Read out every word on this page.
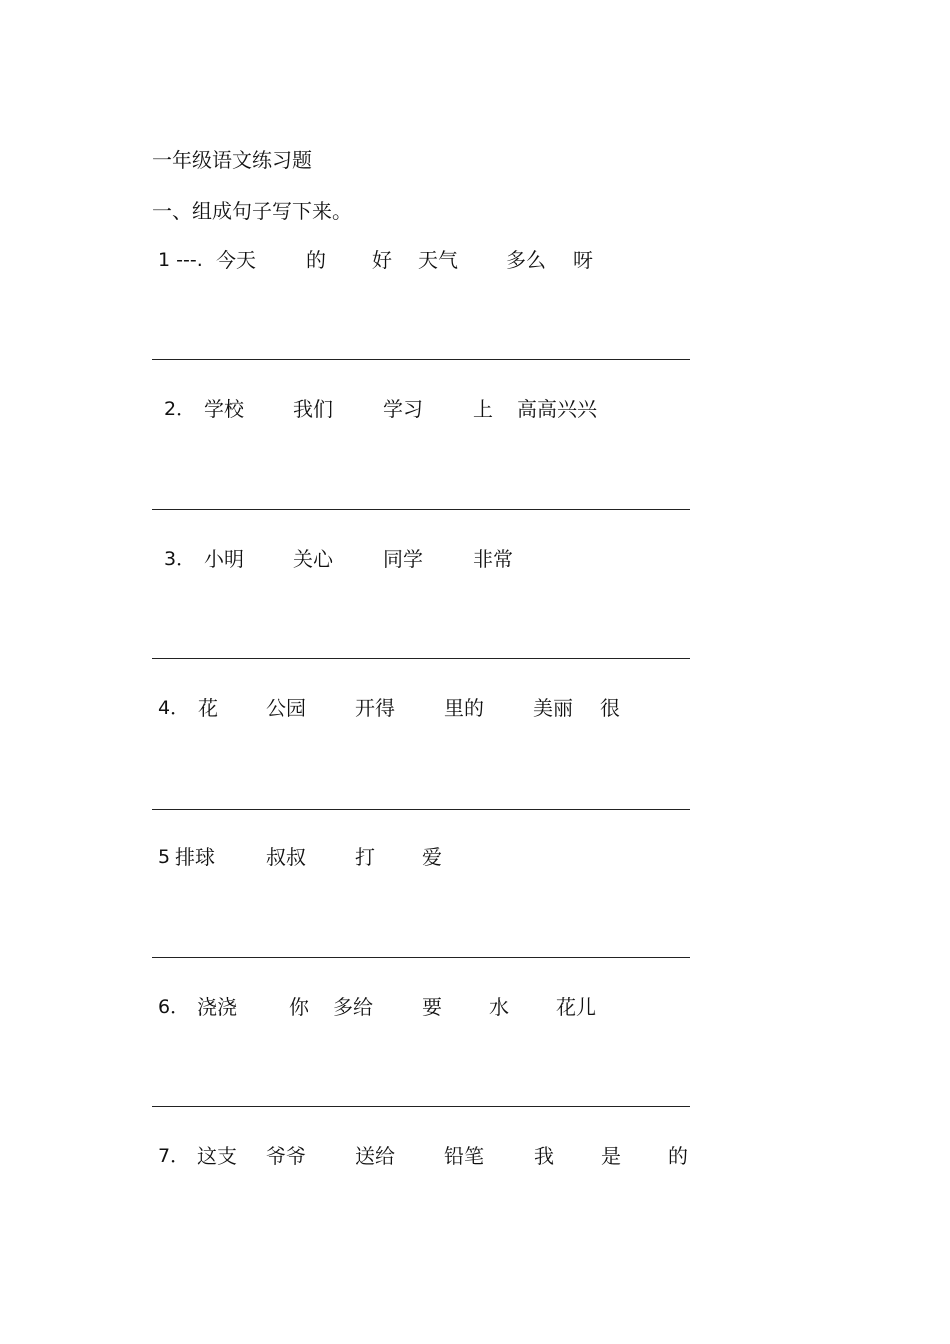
一年级语文练习题
一、组成句子写下来。
1 ---. 今天	的 好 天气 多么 呀
2． 学校 我们	学习	上 高高兴兴
3． 小明 关心	同学	非常
4． 花 公园 开得 里的 美丽 很
5 排球	叔叔 打 爱
6． 浇浇	你 多给 要 水 花儿
7． 这支 爷爷 送给 铅笔	我 是 的
